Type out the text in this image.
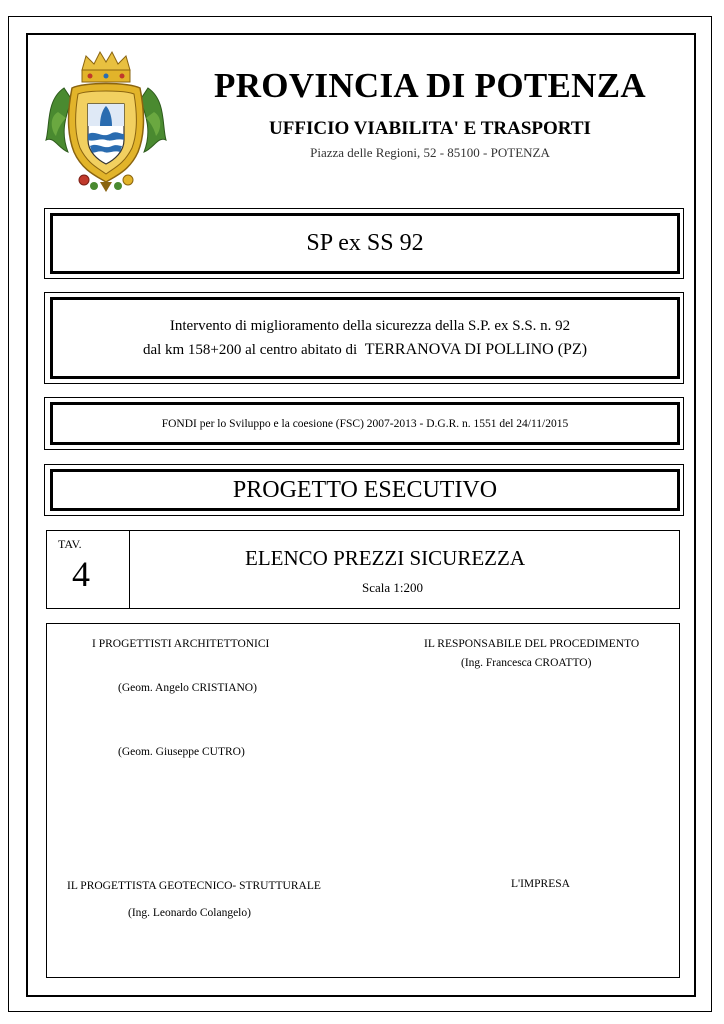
PROVINCIA DI POTENZA
UFFICIO VIABILITA' E TRASPORTI
Piazza delle Regioni, 52 - 85100 - POTENZA
SP ex SS 92
Intervento di miglioramento della sicurezza della S.P. ex S.S. n. 92
dal km 158+200 al centro abitato di TERRANOVA DI POLLINO (PZ)
FONDI per lo Sviluppo e la coesione (FSC) 2007-2013 - D.G.R. n. 1551 del 24/11/2015
PROGETTO ESECUTIVO
TAV.
4	ELENCO PREZZI SICUREZZA
Scala 1:200
I PROGETTISTI ARCHITETTONICI
(Geom. Angelo CRISTIANO)
(Geom. Giuseppe CUTRO)
IL RESPONSABILE DEL PROCEDIMENTO
(Ing. Francesca CROATTO)
IL PROGETTISTA GEOTECNICO- STRUTTURALE
(Ing. Leonardo Colangelo)
L'IMPRESA
